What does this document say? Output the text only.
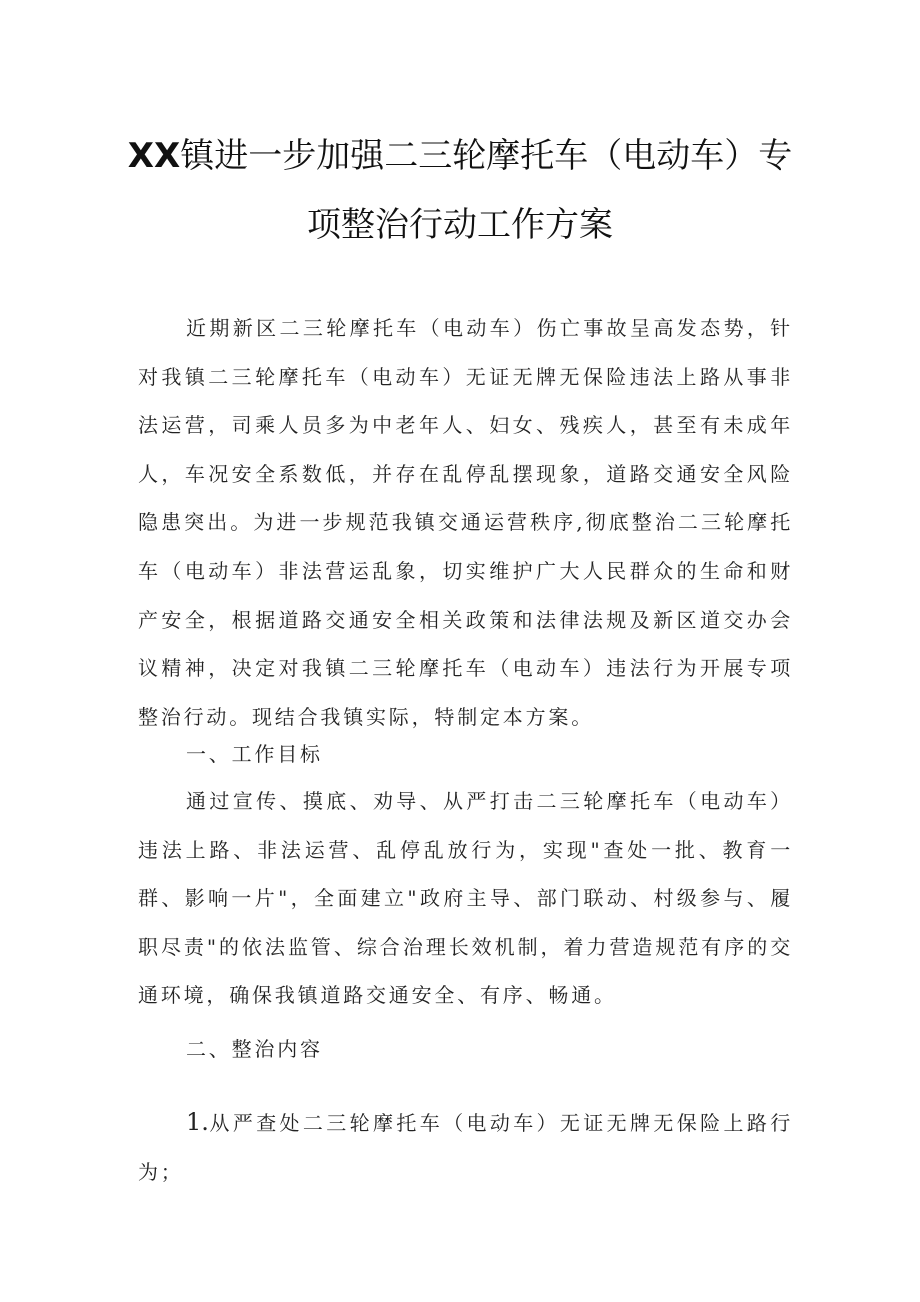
XX镇进一步加强二三轮摩托车（电动车）专
项整治行动工作方案

近期新区二三轮摩托车（电动车）伤亡事故呈高发态势，针对我镇二三轮摩托车（电动车）无证无牌无保险违法上路从事非法运营，司乘人员多为中老年人、妇女、残疾人，甚至有未成年人，车况安全系数低，并存在乱停乱摆现象，道路交通安全风险隐患突出。为进一步规范我镇交通运营秩序,彻底整治二三轮摩托车（电动车）非法营运乱象，切实维护广大人民群众的生命和财产安全，根据道路交通安全相关政策和法律法规及新区道交办会议精神，决定对我镇二三轮摩托车（电动车）违法行为开展专项整治行动。现结合我镇实际，特制定本方案。

一、工作目标

通过宣传、摸底、劝导、从严打击二三轮摩托车（电动车）违法上路、非法运营、乱停乱放行为，实现"查处一批、教育一群、影响一片"，全面建立"政府主导、部门联动、村级参与、履职尽责"的依法监管、综合治理长效机制，着力营造规范有序的交通环境，确保我镇道路交通安全、有序、畅通。

二、整治内容

1.从严查处二三轮摩托车（电动车）无证无牌无保险上路行为；
